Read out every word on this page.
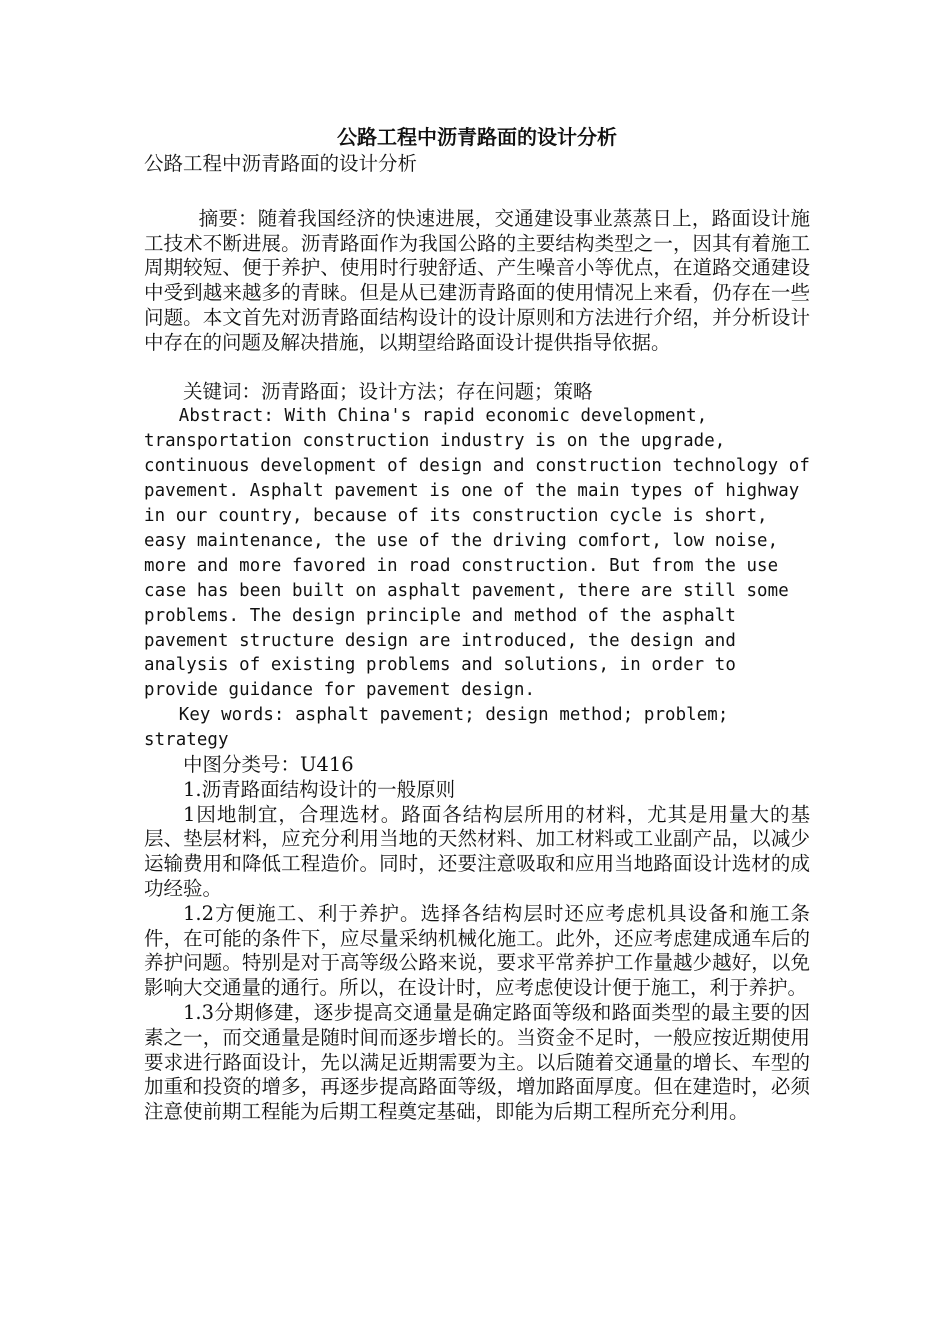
公路工程中沥青路面的设计分析

公路工程中沥青路面的设计分析

摘要：随着我国经济的快速进展，交通建设事业蒸蒸日上，路面设计施工技术不断进展。沥青路面作为我国公路的主要结构类型之一，因其有着施工周期较短、便于养护、使用时行驶舒适、产生噪音小等优点，在道路交通建设中受到越来越多的青睐。但是从已建沥青路面的使用情况上来看，仍存在一些问题。本文首先对沥青路面结构设计的设计原则和方法进行介绍，并分析设计中存在的问题及解决措施，以期望给路面设计提供指导依据。

关键词：沥青路面；设计方法；存在问题；策略

Abstract: With China's rapid economic development, transportation construction industry is on the upgrade, continuous development of design and construction technology of pavement. Asphalt pavement is one of the main types of highway in our country, because of its construction cycle is short, easy maintenance, the use of the driving comfort, low noise, more and more favored in road construction. But from the use case has been built on asphalt pavement, there are still some problems. The design principle and method of the asphalt pavement structure design are introduced, the design and analysis of existing problems and solutions, in order to provide guidance for pavement design.

Key words: asphalt pavement; design method; problem; strategy

中图分类号：U416

1.沥青路面结构设计的一般原则

1因地制宜，合理选材。路面各结构层所用的材料，尤其是用量大的基层、垫层材料，应充分利用当地的天然材料、加工材料或工业副产品，以减少运输费用和降低工程造价。同时，还要注意吸取和应用当地路面设计选材的成功经验。

1.2方便施工、利于养护。选择各结构层时还应考虑机具设备和施工条件，在可能的条件下，应尽量采纳机械化施工。此外，还应考虑建成通车后的养护问题。特别是对于高等级公路来说，要求平常养护工作量越少越好，以免影响大交通量的通行。所以，在设计时，应考虑使设计便于施工，利于养护。

1.3分期修建，逐步提高交通量是确定路面等级和路面类型的最主要的因素之一，而交通量是随时间而逐步增长的。当资金不足时，一般应按近期使用要求进行路面设计，先以满足近期需要为主。以后随着交通量的增长、车型的加重和投资的增多，再逐步提高路面等级，增加路面厚度。但在建造时，必须注意使前期工程能为后期工程奠定基础，即能为后期工程所充分利用。
